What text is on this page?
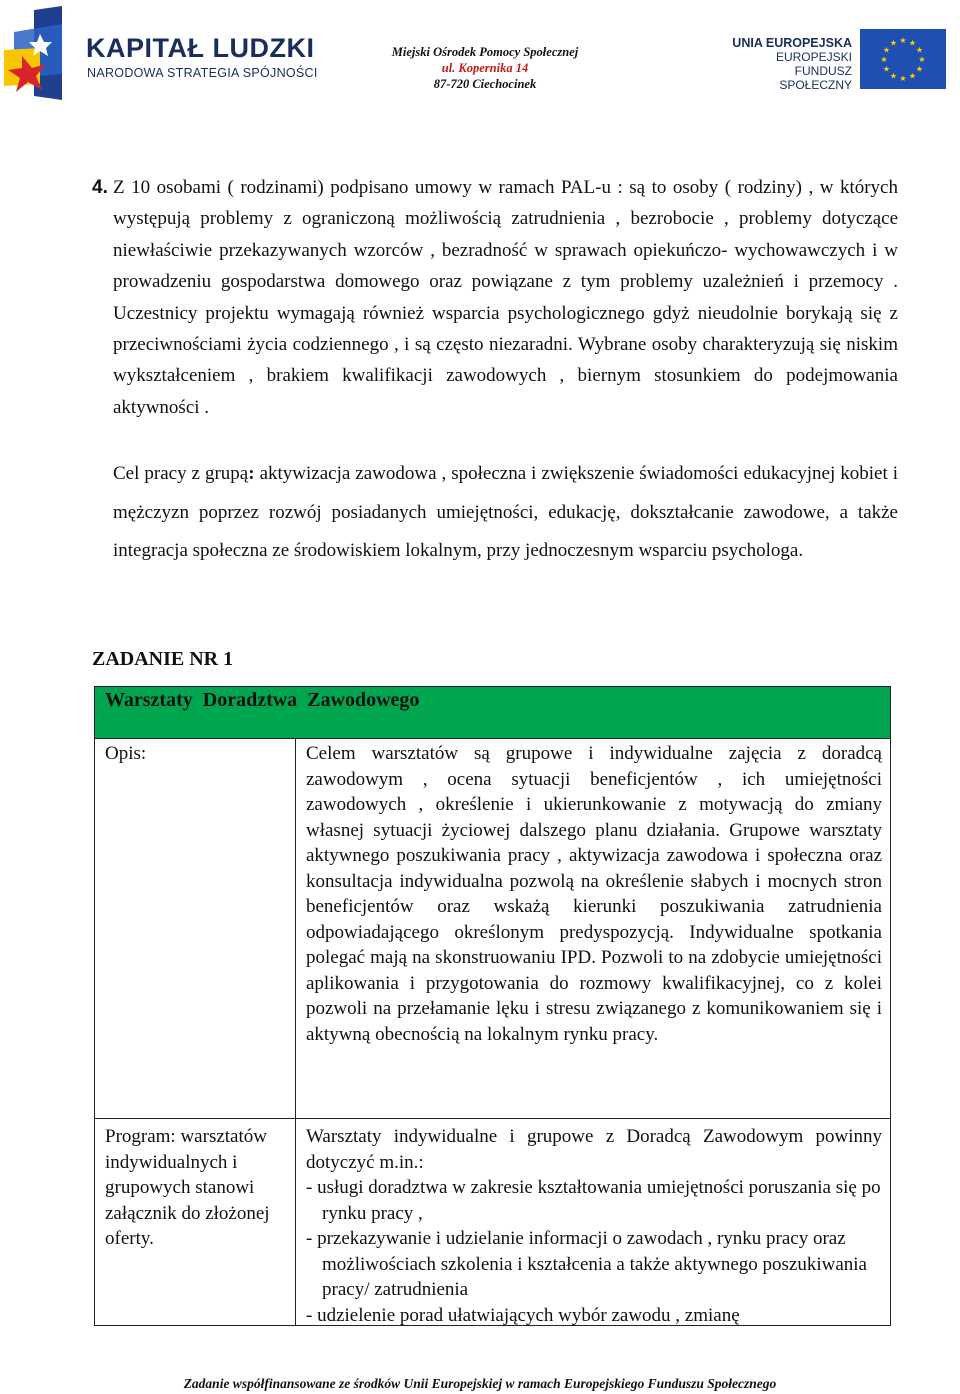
KAPITAŁ LUDZKI
NARODOWA STRATEGIA SPÓJNOŚCI
Miejski Ośrodek Pomocy Społecznej
ul. Kopernika 14
87-720 Ciechocinek
UNIA EUROPEJSKA
EUROPEJSKI
FUNDUSZ SPOŁECZNY
★ ★
★
★
★
★
★
★
★
★
★
★
4. Z 10 osobami ( rodzinami) podpisano umowy w ramach PAL-u : są to osoby ( rodziny) , w których występują problemy z ograniczoną możliwością zatrudnienia , bezrobocie , problemy dotyczące niewłaściwie przekazywanych wzorców , bezradność w sprawach opiekuńczo- wychowawczych i w prowadzeniu gospodarstwa domowego oraz powiązane z tym problemy uzależnień i przemocy . Uczestnicy projektu wymagają również wsparcia psychologicznego gdyż nieudolnie borykają się z przeciwnościami życia codziennego , i są często niezaradni. Wybrane osoby charakteryzują się niskim wykształceniem , brakiem kwalifikacji zawodowych , biernym stosunkiem do podejmowania aktywności .
Cel pracy z grupą: aktywizacja zawodowa , społeczna i zwiększenie świadomości edukacyjnej kobiet i mężczyzn poprzez rozwój posiadanych umiejętności, edukację, dokształcanie zawodowe, a także integracja społeczna ze środowiskiem lokalnym, przy jednoczesnym wsparciu psychologa.
ZADANIE NR 1
Warsztaty  Doradztwa  Zawodowego
Opis:	Celem warsztatów są grupowe i indywidualne zajęcia z doradcą zawodowym , ocena sytuacji beneficjentów , ich umiejętności zawodowych , określenie i ukierunkowanie z motywacją do zmiany własnej sytuacji życiowej dalszego planu działania. Grupowe warsztaty aktywnego poszukiwania pracy , aktywizacja zawodowa i społeczna oraz konsultacja indywidualna pozwolą na określenie słabych i mocnych stron beneficjentów oraz wskażą kierunki poszukiwania zatrudnienia odpowiadającego określonym predyspozycją. Indywidualne spotkania polegać mają na skonstruowaniu IPD. Pozwoli to na zdobycie umiejętności aplikowania i przygotowania do rozmowy kwalifikacyjnej, co z kolei pozwoli na przełamanie lęku i stresu związanego z komunikowaniem się i aktywną obecnością na lokalnym rynku pracy.
Program: warsztatów indywidualnych i grupowych stanowi załącznik do złożonej oferty.
Warsztaty indywidualne i grupowe z Doradcą Zawodowym powinny dotyczyć m.in.:
- usługi doradztwa w zakresie kształtowania umiejętności poruszania się po rynku pracy ,
- przekazywanie i udzielanie informacji o zawodach , rynku pracy oraz możliwościach szkolenia i kształcenia a także aktywnego poszukiwania pracy/ zatrudnienia
- udzielenie porad ułatwiających wybór zawodu , zmianę
Zadanie współfinansowane ze środków Unii Europejskiej w ramach Europejskiego Funduszu Społecznego
